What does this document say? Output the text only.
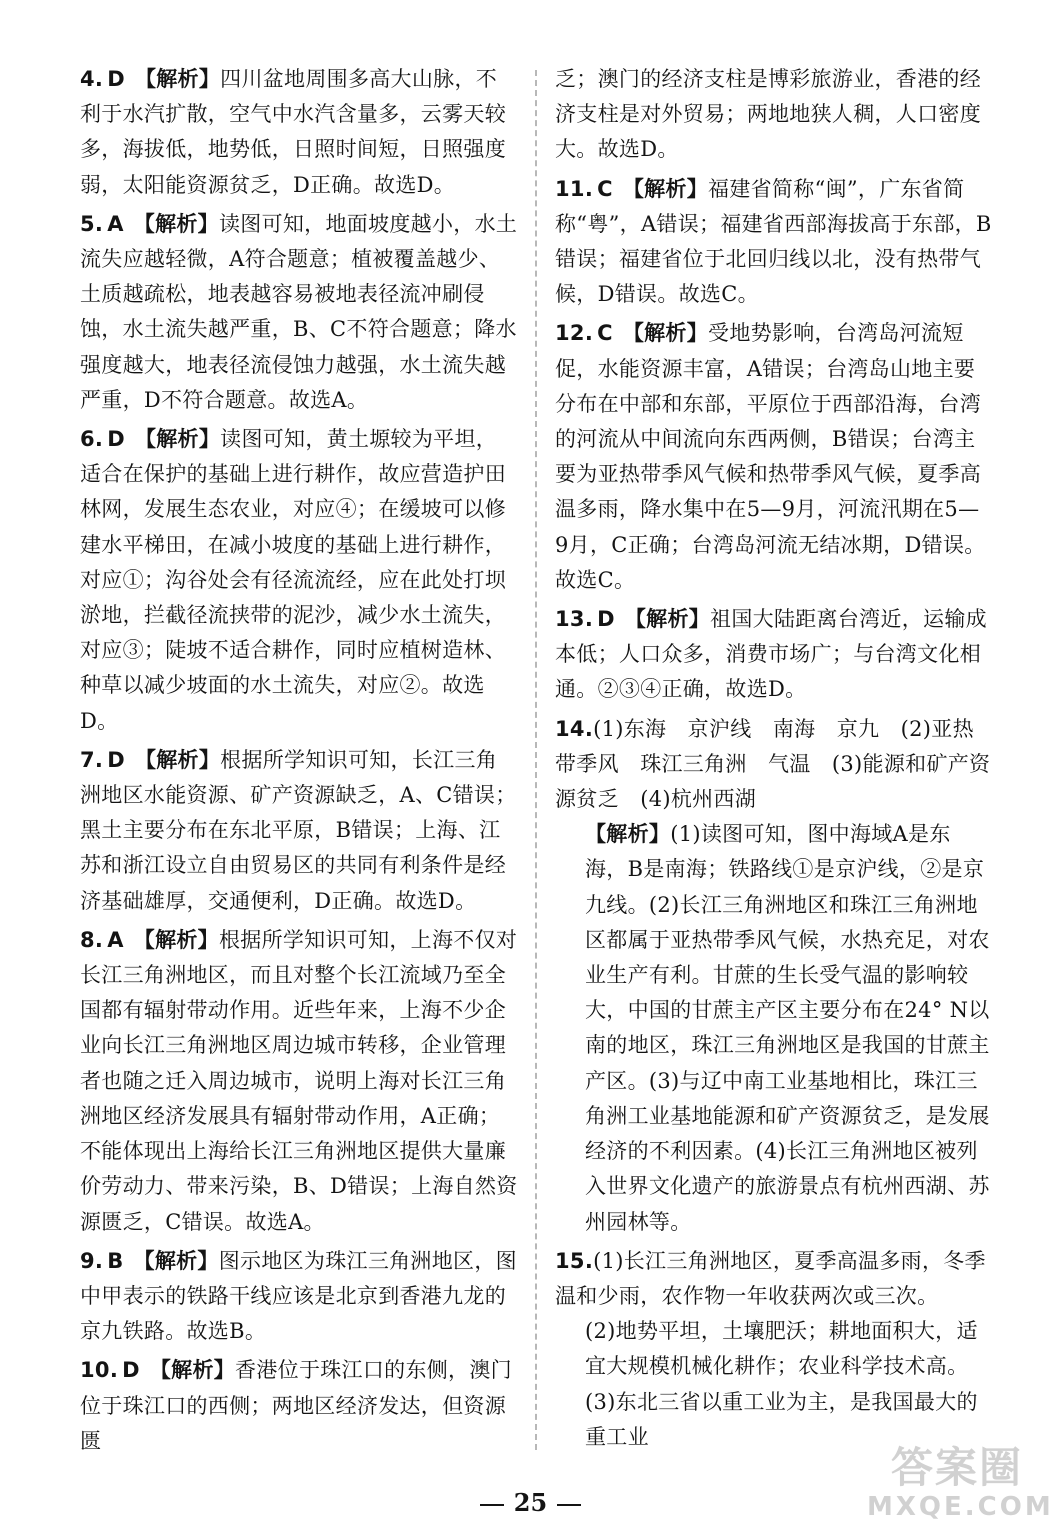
4. D 【解析】四川盆地周围多高大山脉，不利于水汽扩散，空气中水汽含量多，云雾天较多，海拔低，地势低，日照时间短，日照强度弱，太阳能资源贫乏，D正确。故选D。
5. A 【解析】读图可知，地面坡度越小，水土流失应越轻微，A符合题意；植被覆盖越少、土质越疏松，地表越容易被地表径流冲刷侵蚀，水土流失越严重，B、C不符合题意；降水强度越大，地表径流侵蚀力越强，水土流失越严重，D不符合题意。故选A。
6. D 【解析】读图可知，黄土塬较为平坦，适合在保护的基础上进行耕作，故应营造护田林网，发展生态农业，对应④；在缓坡可以修建水平梯田，在减小坡度的基础上进行耕作，对应①；沟谷处会有径流流经，应在此处打坝淤地，拦截径流挟带的泥沙，减少水土流失，对应③；陡坡不适合耕作，同时应植树造林、种草以减少坡面的水土流失，对应②。故选D。
7. D 【解析】根据所学知识可知，长江三角洲地区水能资源、矿产资源缺乏，A、C错误；黑土主要分布在东北平原，B错误；上海、江苏和浙江设立自由贸易区的共同有利条件是经济基础雄厚，交通便利，D正确。故选D。
8. A 【解析】根据所学知识可知，上海不仅对长江三角洲地区，而且对整个长江流域乃至全国都有辐射带动作用。近些年来，上海不少企业向长江三角洲地区周边城市转移，企业管理者也随之迁入周边城市，说明上海对长江三角洲地区经济发展具有辐射带动作用，A正确；不能体现出上海给长江三角洲地区提供大量廉价劳动力、带来污染，B、D错误；上海自然资源匮乏，C错误。故选A。
9. B 【解析】图示地区为珠江三角洲地区，图中甲表示的铁路干线应该是北京到香港九龙的京九铁路。故选B。
10. D 【解析】香港位于珠江口的东侧，澳门位于珠江口的西侧；两地区经济发达，但资源匮
乏；澳门的经济支柱是博彩旅游业，香港的经济支柱是对外贸易；两地地狭人稠，人口密度大。故选D。
11. C 【解析】福建省简称“闽”，广东省简称“粤”，A错误；福建省西部海拔高于东部，B错误；福建省位于北回归线以北，没有热带气候，D错误。故选C。
12. C 【解析】受地势影响，台湾岛河流短促，水能资源丰富，A错误；台湾岛山地主要分布在中部和东部，平原位于西部沿海，台湾的河流从中间流向东西两侧，B错误；台湾主要为亚热带季风气候和热带季风气候，夏季高温多雨，降水集中在5—9月，河流汛期在5—9月，C正确；台湾岛河流无结冰期，D错误。故选C。
13. D 【解析】祖国大陆距离台湾近，运输成本低；人口众多，消费市场广；与台湾文化相通。②③④正确，故选D。
14.(1)东海　京沪线　南海　京九　(2)亚热带季风　珠江三角洲　气温　(3)能源和矿产资源贫乏　(4)杭州西湖
【解析】(1)读图可知，图中海域A是东海，B是南海；铁路线①是京沪线，②是京九线。(2)长江三角洲地区和珠江三角洲地区都属于亚热带季风气候，水热充足，对农业生产有利。甘蔗的生长受气温的影响较大，中国的甘蔗主产区主要分布在24° N以南的地区，珠江三角洲地区是我国的甘蔗主产区。(3)与辽中南工业基地相比，珠江三角洲工业基地能源和矿产资源贫乏，是发展经济的不利因素。(4)长江三角洲地区被列入世界文化遗产的旅游景点有杭州西湖、苏州园林等。
15.(1)长江三角洲地区，夏季高温多雨，冬季温和少雨，农作物一年收获两次或三次。
(2)地势平坦，土壤肥沃；耕地面积大，适宜大规模机械化耕作；农业科学技术高。　(3)东北三省以重工业为主，是我国最大的重工业
25
答案圈
MXQE.COM
